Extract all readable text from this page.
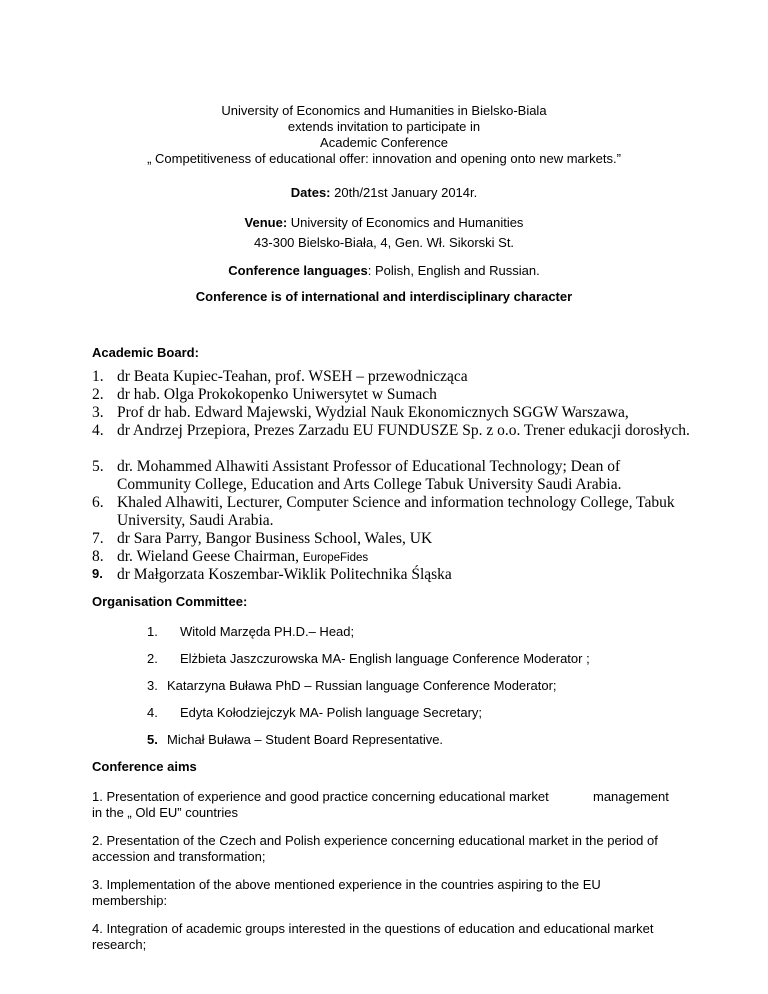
University of Economics and Humanities in Bielsko-Biala
extends invitation to participate in
Academic Conference
„ Competitiveness of educational offer: innovation and opening onto new markets.”
Dates: 20th/21st January 2014r.
Venue: University of Economics and Humanities
43-300 Bielsko-Biała, 4, Gen. Wł. Sikorski St.
Conference languages: Polish, English and Russian.
Conference is of international and interdisciplinary character
Academic Board:
1. dr Beata Kupiec-Teahan, prof. WSEH – przewodnicząca
2. dr hab. Olga Prokokopenko Uniwersytet w Sumach
3. Prof dr hab. Edward Majewski, Wydzial Nauk Ekonomicznych SGGW Warszawa,
4. dr Andrzej Przepiora, Prezes Zarzadu EU FUNDUSZE Sp. z o.o. Trener edukacji dorosłych.
5. dr. Mohammed Alhawiti Assistant Professor of Educational Technology; Dean of Community College, Education and Arts College Tabuk University Saudi Arabia.
6. Khaled Alhawiti, Lecturer, Computer Science and information technology College, Tabuk University, Saudi Arabia.
7. dr Sara Parry, Bangor Business School, Wales, UK
8. dr. Wieland Geese Chairman, EuropeFides
9. dr Małgorzata Koszembar-Wiklik Politechnika Śląska
Organisation Committee:
1. Witold Marzęda PH.D.– Head;
2. Elżbieta Jaszczurowska MA- English language Conference Moderator ;
3. Katarzyna Buława PhD – Russian language Conference Moderator;
4. Edyta Kołodziejczyk MA- Polish language Secretary;
5. Michał Buława – Student Board Representative.
Conference aims
1. Presentation of experience and good practice concerning educational market	management
in the „ Old EU” countries
2. Presentation of the Czech and Polish experience concerning educational market in the period of
accession and transformation;
3. Implementation of the above mentioned experience in the countries aspiring to the EU
membership:
4. Integration of academic groups interested in the questions of education and educational market
research;
